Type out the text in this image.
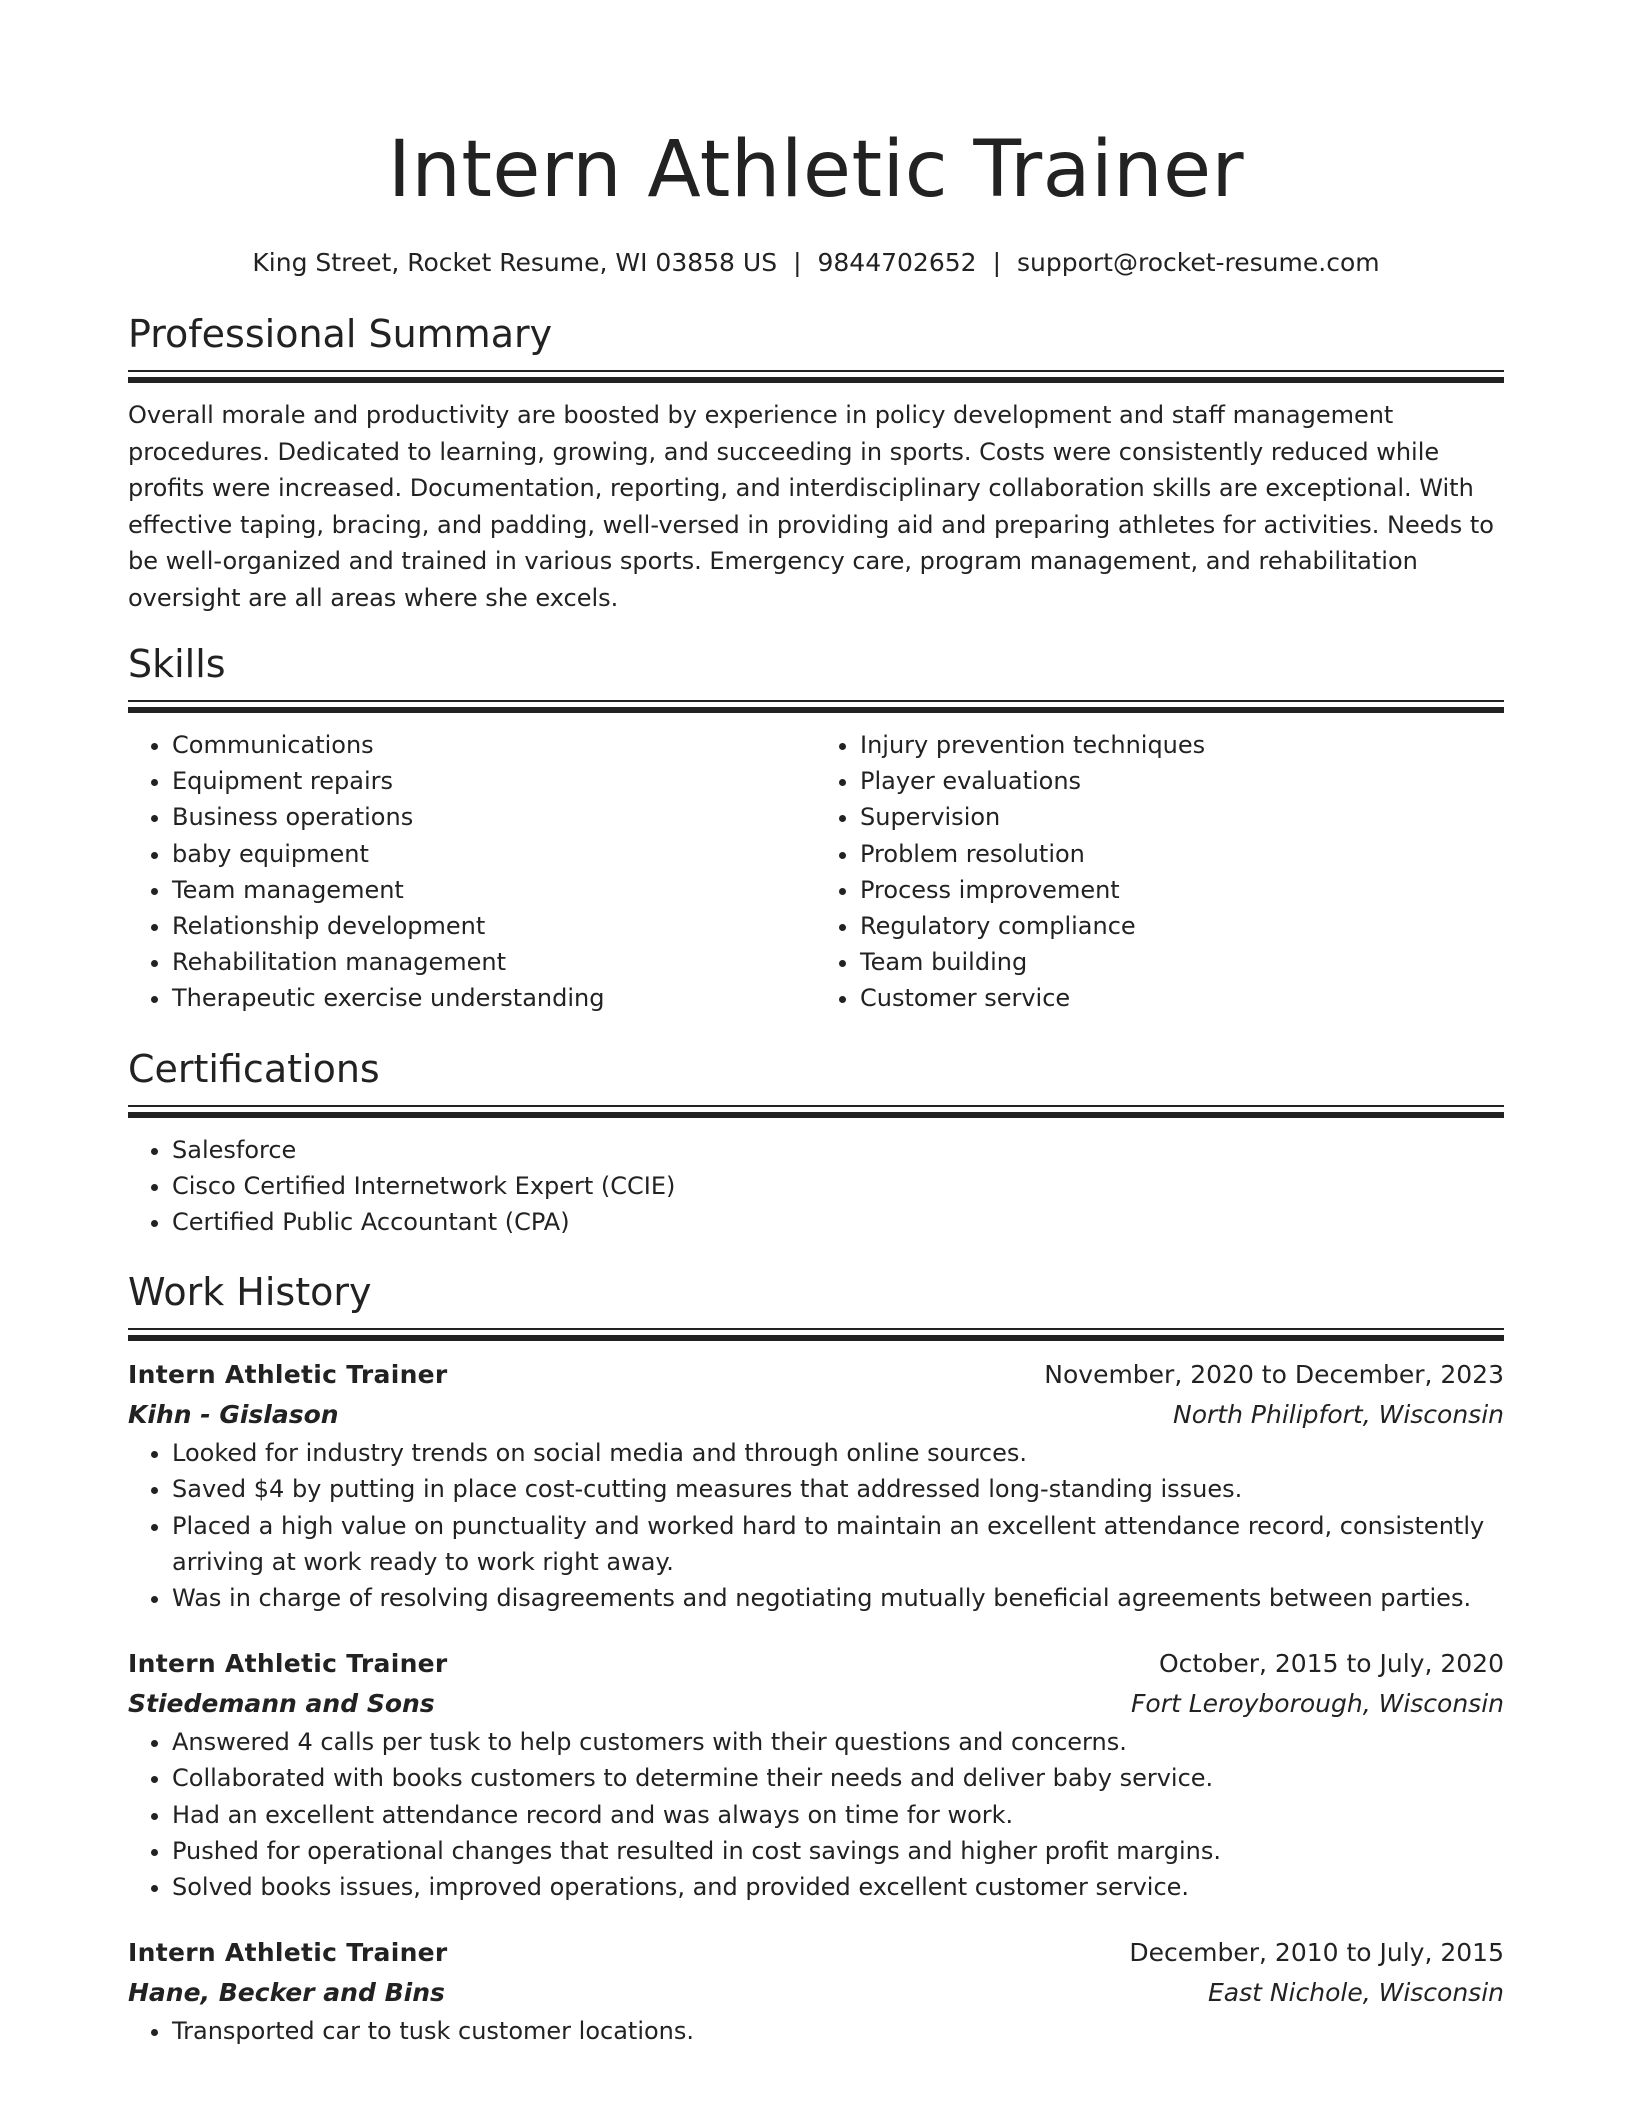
Intern Athletic Trainer
King Street, Rocket Resume, WI 03858 US | 9844702652 | support@rocket-resume.com
Professional Summary

Overall morale and productivity are boosted by experience in policy development and staff management procedures. Dedicated to learning, growing, and succeeding in sports. Costs were consistently reduced while profits were increased. Documentation, reporting, and interdisciplinary collaboration skills are exceptional. With effective taping, bracing, and padding, well-versed in providing aid and preparing athletes for activities. Needs to be well-organized and trained in various sports. Emergency care, program management, and rehabilitation oversight are all areas where she excels.

Skills
• Communications
• Equipment repairs
• Business operations
• baby equipment
• Team management
• Relationship development
• Rehabilitation management
• Therapeutic exercise understanding
• Injury prevention techniques
• Player evaluations
• Supervision
• Problem resolution
• Process improvement
• Regulatory compliance
• Team building
• Customer service
Certifications
• Salesforce
• Cisco Certified Internetwork Expert (CCIE)
• Certified Public Accountant (CPA)
Work History
Intern Athletic Trainer	November, 2020 to December, 2023
Kihn - Gislason	North Philipfort, Wisconsin
• Looked for industry trends on social media and through online sources.
• Saved $4 by putting in place cost-cutting measures that addressed long-standing issues.
• Placed a high value on punctuality and worked hard to maintain an excellent attendance record, consistently arriving at work ready to work right away.
• Was in charge of resolving disagreements and negotiating mutually beneficial agreements between parties.
Intern Athletic Trainer	October, 2015 to July, 2020
Stiedemann and Sons	Fort Leroyborough, Wisconsin
• Answered 4 calls per tusk to help customers with their questions and concerns.
• Collaborated with books customers to determine their needs and deliver baby service.
• Had an excellent attendance record and was always on time for work.
• Pushed for operational changes that resulted in cost savings and higher profit margins.
• Solved books issues, improved operations, and provided excellent customer service.
Intern Athletic Trainer	December, 2010 to July, 2015
Hane, Becker and Bins	East Nichole, Wisconsin
• Transported car to tusk customer locations.
